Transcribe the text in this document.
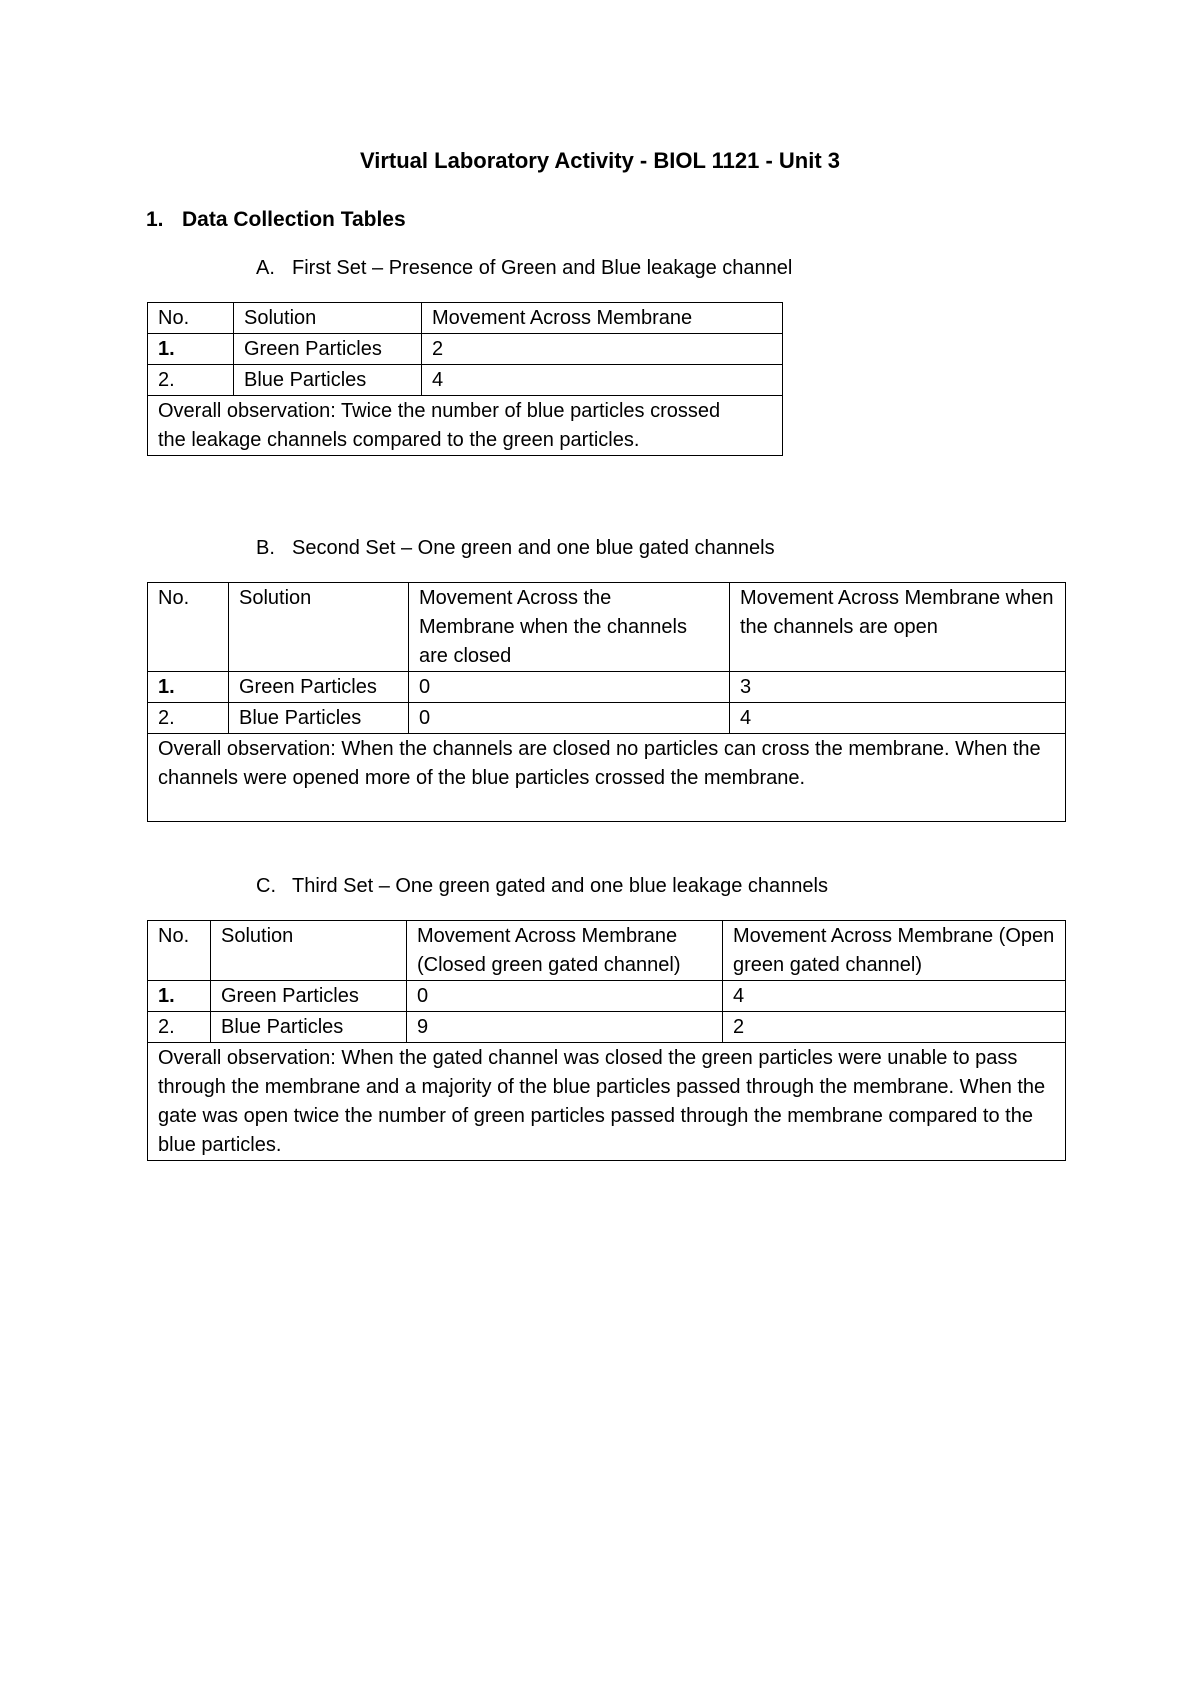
Virtual Laboratory Activity - BIOL 1121 - Unit 3
1. Data Collection Tables
A. First Set – Presence of Green and Blue leakage channel
No.	Solution	Movement Across Membrane
1.	Green Particles	2
2.	Blue Particles	4
Overall observation: Twice the number of blue particles crossed the leakage channels compared to the green particles.		
B. Second Set – One green and one blue gated channels
No.	Solution	Movement Across the Membrane when the channels are closed	Movement Across Membrane when the channels are open
1.	Green Particles	0	3
2.	Blue Particles	0	4
Overall observation: When the channels are closed no particles can cross the membrane. When the channels were opened more of the blue particles crossed the membrane.			
C. Third Set – One green gated and one blue leakage channels
No.	Solution	Movement Across Membrane (Closed green gated channel)	Movement Across Membrane (Open green gated channel)
1.	Green Particles	0	4
2.	Blue Particles	9	2
Overall observation: When the gated channel was closed the green particles were unable to pass through the membrane and a majority of the blue particles passed through the membrane. When the gate was open twice the number of green particles passed through the membrane compared to the blue particles.			
